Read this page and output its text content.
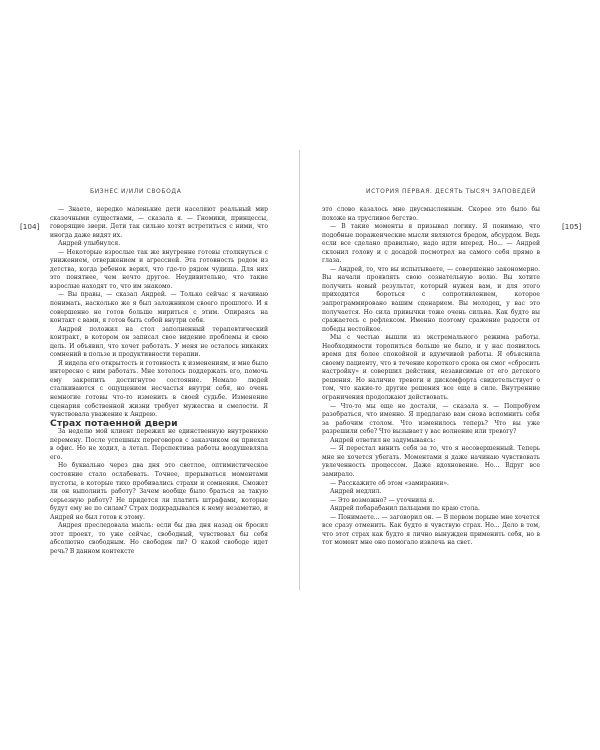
БИЗНЕС И/ИЛИ СВОБОДА
[104]

— Знаете, нередко маленькие дети населяют реальный мир сказочными существами, — сказала я. — Гномики, принцессы, говорящие звери. Дети так сильно хотят встретиться с ними, что иногда даже видят их.

Андрей улыбнулся.

— Некоторые взрослые так же внутренне готовы столкнуться с унижением, отвержением и агрессией. Эта готовность родом из детства, когда ребенок верил, что где-то рядом чудища. Для них это понятнее, чем нечто другое. Неудивительно, что такие взрослые находят то, что им знакомо.

— Вы правы, — сказал Андрей. — Только сейчас я начинаю понимать, насколько же я был заложником своего прошлого. И я совершенно не готов больше мириться с этим. Опираясь на контакт с вами, я готов быть собой внутри себя.

Андрей положил на стол заполненный терапевтический контракт, в котором он записал свое видение проблемы и свою цель. И объявил, что хочет работать. У меня не осталось никаких сомнений в пользе и продуктивности терапии.

Я видела его открытость и готовность к изменениям, и мне было интересно с ним работать. Мне хотелось поддержать его, помочь ему закрепить достигнутое состояние. Немало людей сталкиваются с ощущением несчастья внутри себя, но очень немногие готовы что-то изменить в своей судьбе. Изменение сценария собственной жизни требует мужества и смелости. Я чувствовала уважение к Андрею.

Страх потаенной двери

За неделю мой клиент пережил не единственную внутреннюю перемену. После успешных переговоров с заказчиком он приехал в офис. Но не ходил, а летал. Перспектива работы воодушевляла его.

Но буквально через два дня это светлое, оптимистическое состояние стало ослабевать. Точнее, прерываться моментами пустоты, в которые тихо пробивались страхи и сомнения. Сможет ли он выполнить работу? Зачем вообще было браться за такую серьезную работу? Не придется ли платить штрафами, которые будут ему не по силам? Страх подкрадывался к нему незаметно, и Андрей не был готов к этому.

Андрея преследовала мысль: если бы два дня назад он бросил этот проект, то уже сейчас, свободный, чувствовал бы себя абсолютно свободным. Но свободен ли? О какой свободе идет речь? В данном контексте

ИСТОРИЯ ПЕРВАЯ. ДЕСЯТЬ ТЫСЯЧ ЗАПОВЕДЕЙ
[105]

это слово казалось мне двусмысленным. Скорее это было бы похоже на трусливое бегство.

— В такие моменты я призывал логику. Я понимаю, что подобные пораженческие мысли являются бредом, абсурдом. Ведь если все сделано правильно, надо идти вперед. Но... — Андрей склонил голову и с досадой посмотрел на самого себя прямо в глаза.

— Андрей, то, что вы испытываете, — совершенно закономерно. Вы начали проявлять свою сознательную волю. Вы хотите получить новый результат, который нужен вам, и для этого приходится бороться с сопротивлением, которое запрограммировано вашим сценарием. Вы молодец, у вас это получается. Но сила привычки тоже очень сильна. Как будто вы сражаетесь с рефлексом. Именно поэтому сражение радости от победы нестойкое.

Мы с честью вышли из экстремального режима работы. Необходимости торопиться больше не было, и у нас появилось время для более спокойной и вдумчивой работы. Я объяснила своему пациенту, что в течение короткого срока он смог «сбросить настройку» и совершил действия, независимые от его детского решения. Но наличие тревоги и дискомфорта свидетельствует о том, что какие-то другие решения все еще в силе. Внутренние ограничения продолжают действовать.

— Что-то мы еще не достали, — сказала я. — Попробуем разобраться, что именно. Я предлагаю вам снова вспомнить себя за рабочим столом. Что изменилось теперь? Что вы уже разрешили себе? Что вызывает у вас волнение или тревогу?

Андрей ответил не задумываясь:

— Я перестал винить себя за то, что я несовершенный. Теперь мне не хочется убегать. Моментами я даже начинаю чувствовать увлеченность процессом. Даже вдохновение. Но... Вдруг все замирало.

— Расскажите об этом «замирании».

Андрей медлил.

— Это возможно? — уточнила я.

Андрей побарабанил пальцами по краю стола.

— Понимаете... — заговорил он. — В первом порыве мне хочется все сразу отменить. Как будто я чувствую страх. Но... Дело в том, что этот страх как будто я лично вынужден применить себя, но в тот момент мне оно помогало извлечь на свет.
